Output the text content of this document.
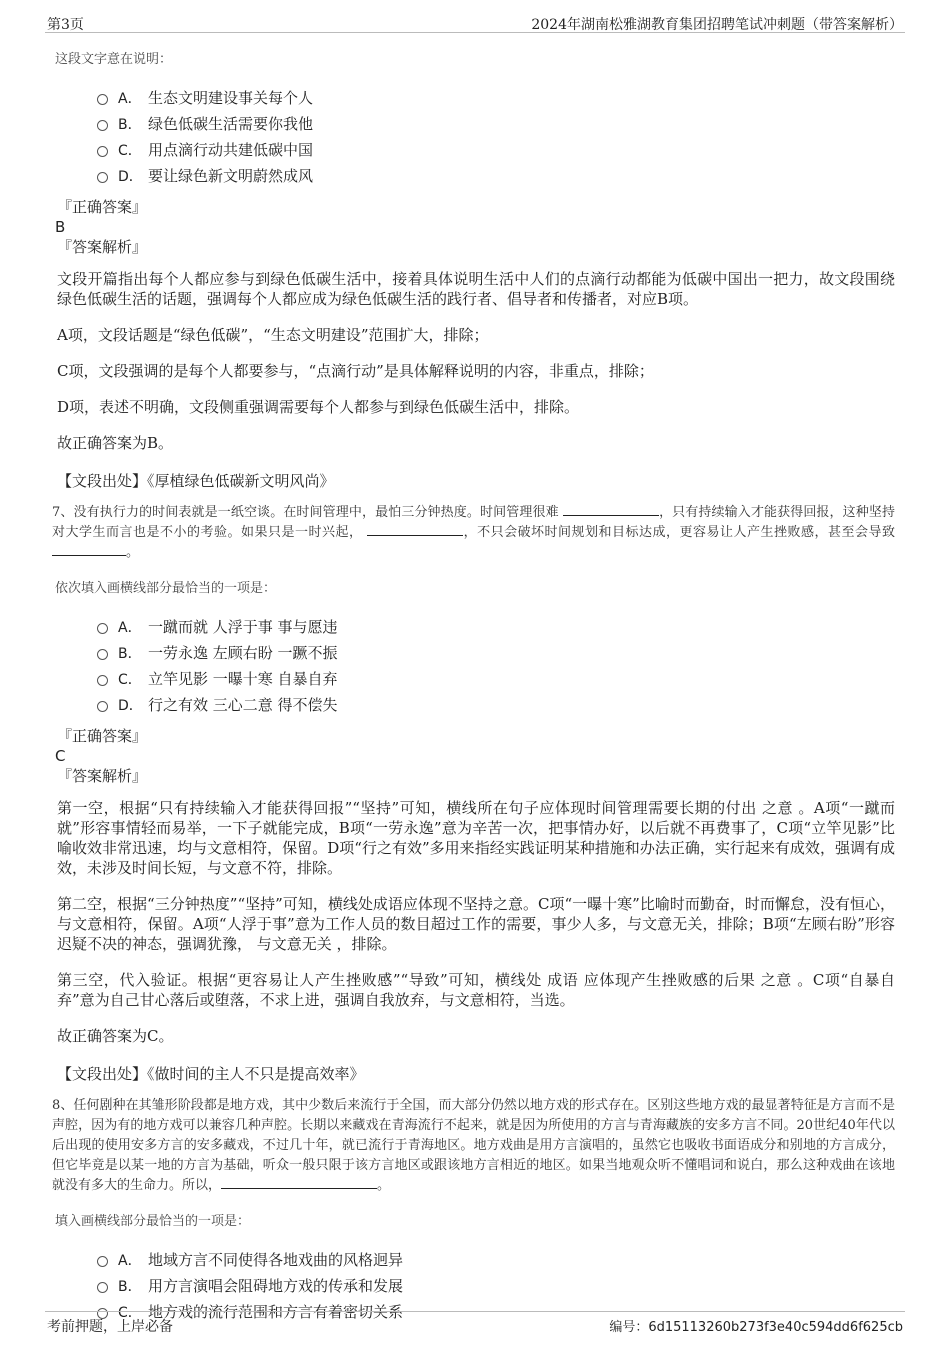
第3页	2024年湖南松雅湖教育集团招聘笔试冲刺题（带答案解析）

这段文字意在说明：

A． 生态文明建设事关每个人
B． 绿色低碳生活需要你我他
C． 用点滴行动共建低碳中国
D． 要让绿色新文明蔚然成风
『正确答案』
B
『答案解析』

文段开篇指出每个人都应参与到绿色低碳生活中，接着具体说明生活中人们的点滴行动都能为低碳中国出一把力，故文段围绕绿色低碳生活的话题，强调每个人都应成为绿色低碳生活的践行者、倡导者和传播者，对应B项。

A项，文段话题是“绿色低碳”，“生态文明建设”范围扩大，排除；

C项，文段强调的是每个人都要参与，“点滴行动”是具体解释说明的内容，非重点，排除；

D项，表述不明确，文段侧重强调需要每个人都参与到绿色低碳生活中，排除。

故正确答案为B。

【文段出处】《厚植绿色低碳新文明风尚》

7、没有执行力的时间表就是一纸空谈。在时间管理中，最怕三分钟热度。时间管理很难	，只有持续输入才能获得回报，这种坚持对大学生而言也是不小的考验。如果只是一时兴起，	，不只会破坏时间规划和目标达成，更容易让人产生挫败感，甚至会导致。

依次填入画横线部分最恰当的一项是：

A． 一蹴而就 人浮于事 事与愿违
B． 一劳永逸 左顾右盼 一蹶不振
C． 立竿见影 一曝十寒 自暴自弃
D． 行之有效 三心二意 得不偿失
『正确答案』
C
『答案解析』

第一空，根据“只有持续输入才能获得回报”“坚持”可知，横线所在句子应体现时间管理需要长期的付出 之意 。A项“一蹴而就”形容事情轻而易举，一下子就能完成，B项“一劳永逸”意为辛苦一次，把事情办好，以后就不再费事了，C项“立竿见影”比喻收效非常迅速，均与文意相符，保留。D项“行之有效”多用来指经实践证明某种措施和办法正确，实行起来有成效，强调有成效，未涉及时间长短，与文意不符，排除。

第二空，根据“三分钟热度”“坚持”可知，横线处成语应体现不坚持之意。C项“一曝十寒”比喻时而勤奋，时而懈怠，没有恒心，与文意相符，保留。A项“人浮于事”意为工作人员的数目超过工作的需要，事少人多，与文意无关，排除；B项“左顾右盼”形容迟疑不决的神态，强调犹豫， 与文意无关 ，排除。

第三空，代入验证。根据“更容易让人产生挫败感”“导致”可知，横线处 成语 应体现产生挫败感的后果 之意 。C项“自暴自弃”意为自己甘心落后或堕落，不求上进，强调自我放弃，与文意相符，当选。

故正确答案为C。

【文段出处】《做时间的主人不只是提高效率》

8、任何剧种在其雏形阶段都是地方戏，其中少数后来流行于全国，而大部分仍然以地方戏的形式存在。区别这些地方戏的最显著特征是方言而不是声腔，因为有的地方戏可以兼容几种声腔。长期以来藏戏在青海流行不起来，就是因为所使用的方言与青海藏族的安多方言不同。20世纪40年代以后出现的使用安多方言的安多藏戏，不过几十年，就已流行于青海地区。地方戏曲是用方言演唱的，虽然它也吸收书面语成分和别地的方言成分，但它毕竟是以某一地的方言为基础，听众一般只限于该方言地区或跟该地方言相近的地区。如果当地观众听不懂唱词和说白，那么这种戏曲在该地就没有多大的生命力。所以，	。

填入画横线部分最恰当的一项是：

A． 地域方言不同使得各地戏曲的风格迥异
B． 用方言演唱会阻碍地方戏的传承和发展
C． 地方戏的流行范围和方言有着密切关系
考前押题，上岸必备	编号：6d15113260b273f3e40c594dd6f625cb
